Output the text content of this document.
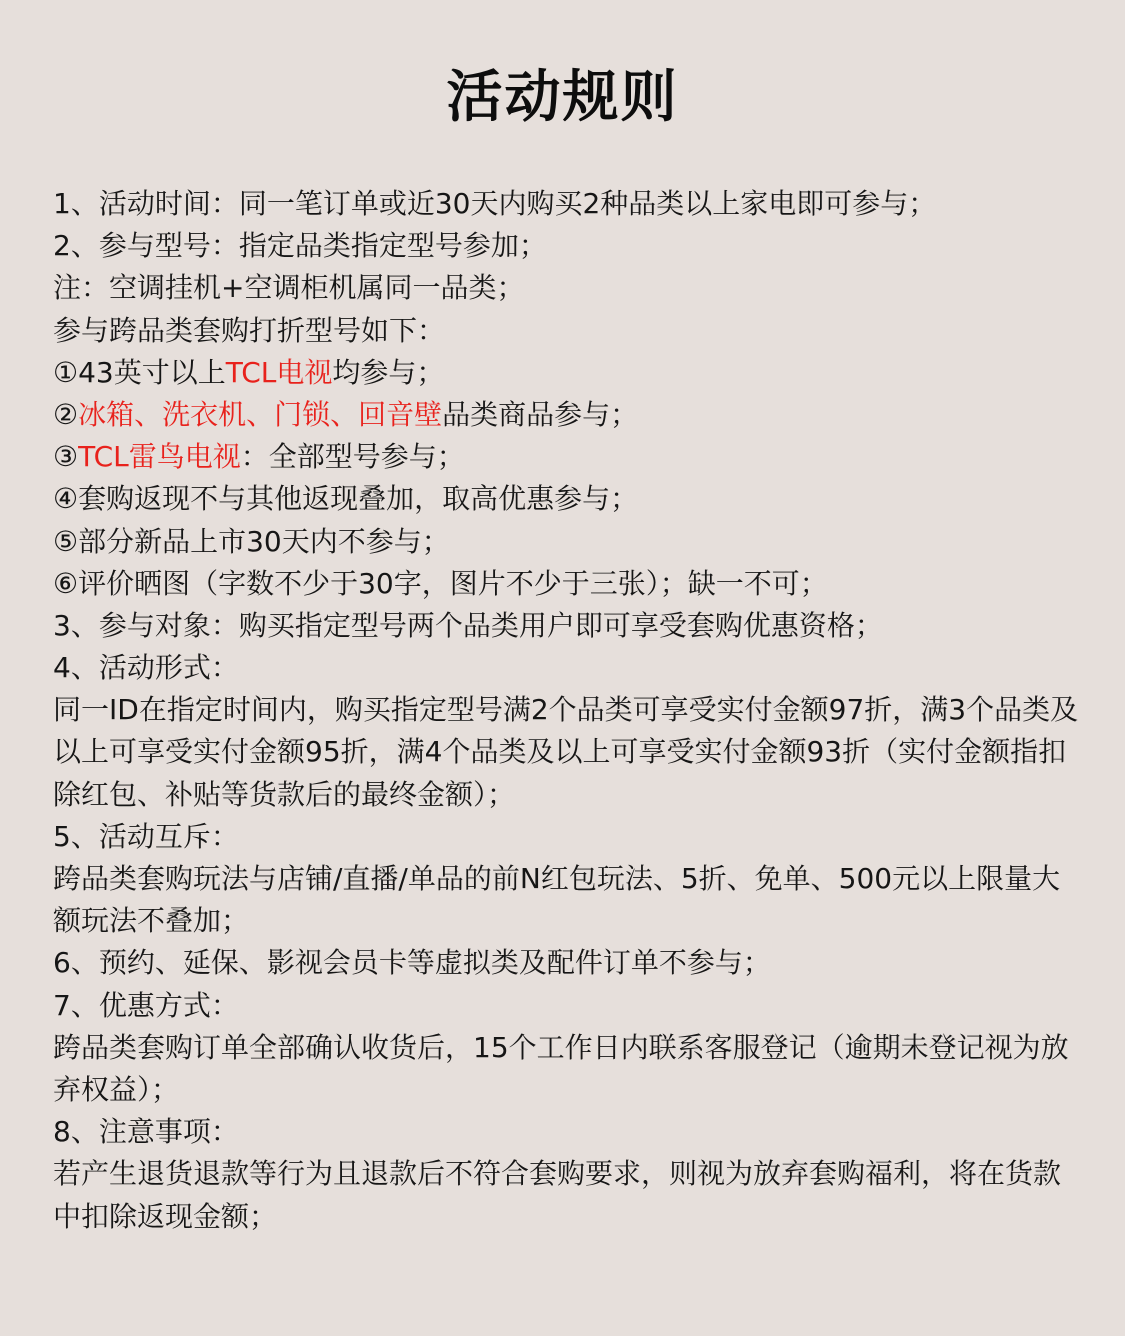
活动规则
1、活动时间：同一笔订单或近30天内购买2种品类以上家电即可参与；
2、参与型号：指定品类指定型号参加；
注：空调挂机+空调柜机属同一品类；
参与跨品类套购打折型号如下：
①43英寸以上TCL电视均参与；
②冰箱、洗衣机、门锁、回音壁品类商品参与；
③TCL雷鸟电视：全部型号参与；
④套购返现不与其他返现叠加，取高优惠参与；
⑤部分新品上市30天内不参与；
⑥评价晒图（字数不少于30字，图片不少于三张）；缺一不可；
3、参与对象：购买指定型号两个品类用户即可享受套购优惠资格；
4、活动形式：
同一ID在指定时间内，购买指定型号满2个品类可享受实付金额97折，满3个品类及以上可享受实付金额95折，满4个品类及以上可享受实付金额93折（实付金额指扣除红包、补贴等货款后的最终金额）；
5、活动互斥：
跨品类套购玩法与店铺/直播/单品的前N红包玩法、5折、免单、500元以上限量大额玩法不叠加；
6、预约、延保、影视会员卡等虚拟类及配件订单不参与；
7、优惠方式：
跨品类套购订单全部确认收货后，15个工作日内联系客服登记（逾期未登记视为放弃权益）；
8、注意事项：
若产生退货退款等行为且退款后不符合套购要求，则视为放弃套购福利，将在货款中扣除返现金额；
